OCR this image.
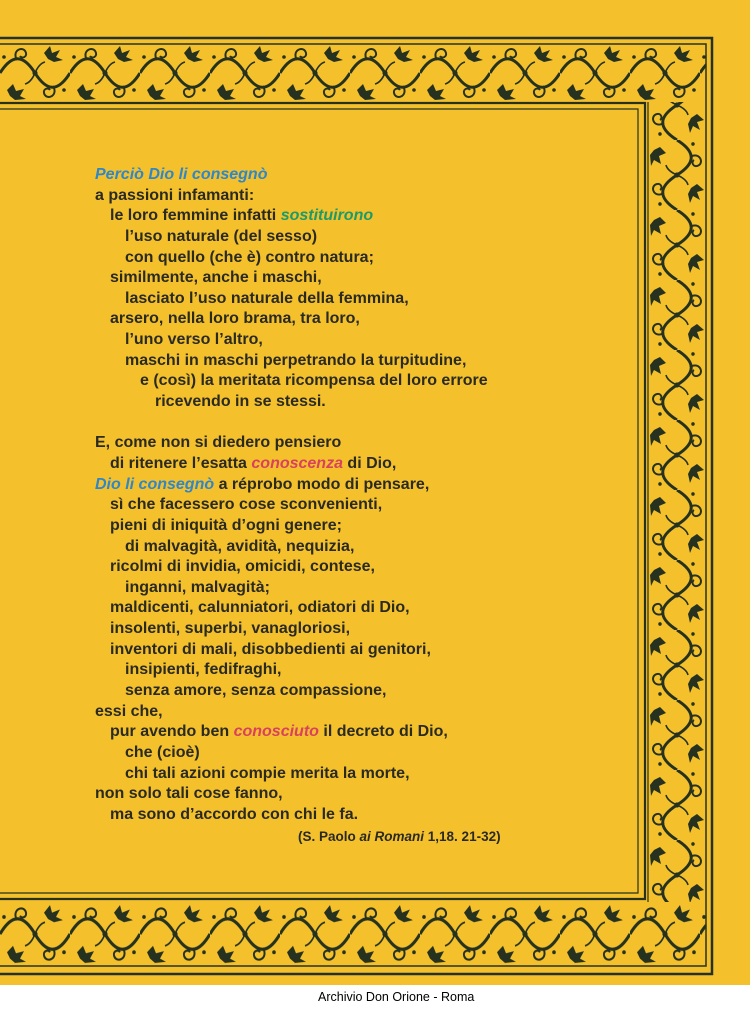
Perciò Dio li consegnò
a passioni infamanti:
le loro femmine infatti sostituirono
l’uso naturale (del sesso)
con quello (che è) contro natura;
similmente, anche i maschi,
lasciato l’uso naturale della femmina,
arsero, nella loro brama, tra loro,
l’uno verso l’altro,
maschi in maschi perpetrando la turpitudine,
e (così) la meritata ricompensa del loro errore
ricevendo in se stessi.
E, come non si diedero pensiero
di ritenere l’esatta conoscenza di Dio,
Dio li consegnò a réprobo modo di pensare,
sì che facessero cose sconvenienti,
pieni di iniquità d’ogni genere;
di malvagità, avidità, nequizia,
ricolmi di invidia, omicidi, contese,
inganni, malvagità;
maldicenti, calunniatori, odiatori di Dio,
insolenti, superbi, vanagloriosi,
inventori di mali, disobbedienti ai genitori,
insipienti, fedifraghi,
senza amore, senza compassione,
essi che,
pur avendo ben conosciuto il decreto di Dio,
che (cioè)
chi tali azioni compie merita la morte,
non solo tali cose fanno,
ma sono d’accordo con chi le fa.
(S. Paolo ai Romani 1,18. 21-32)
Archivio Don Orione - Roma
